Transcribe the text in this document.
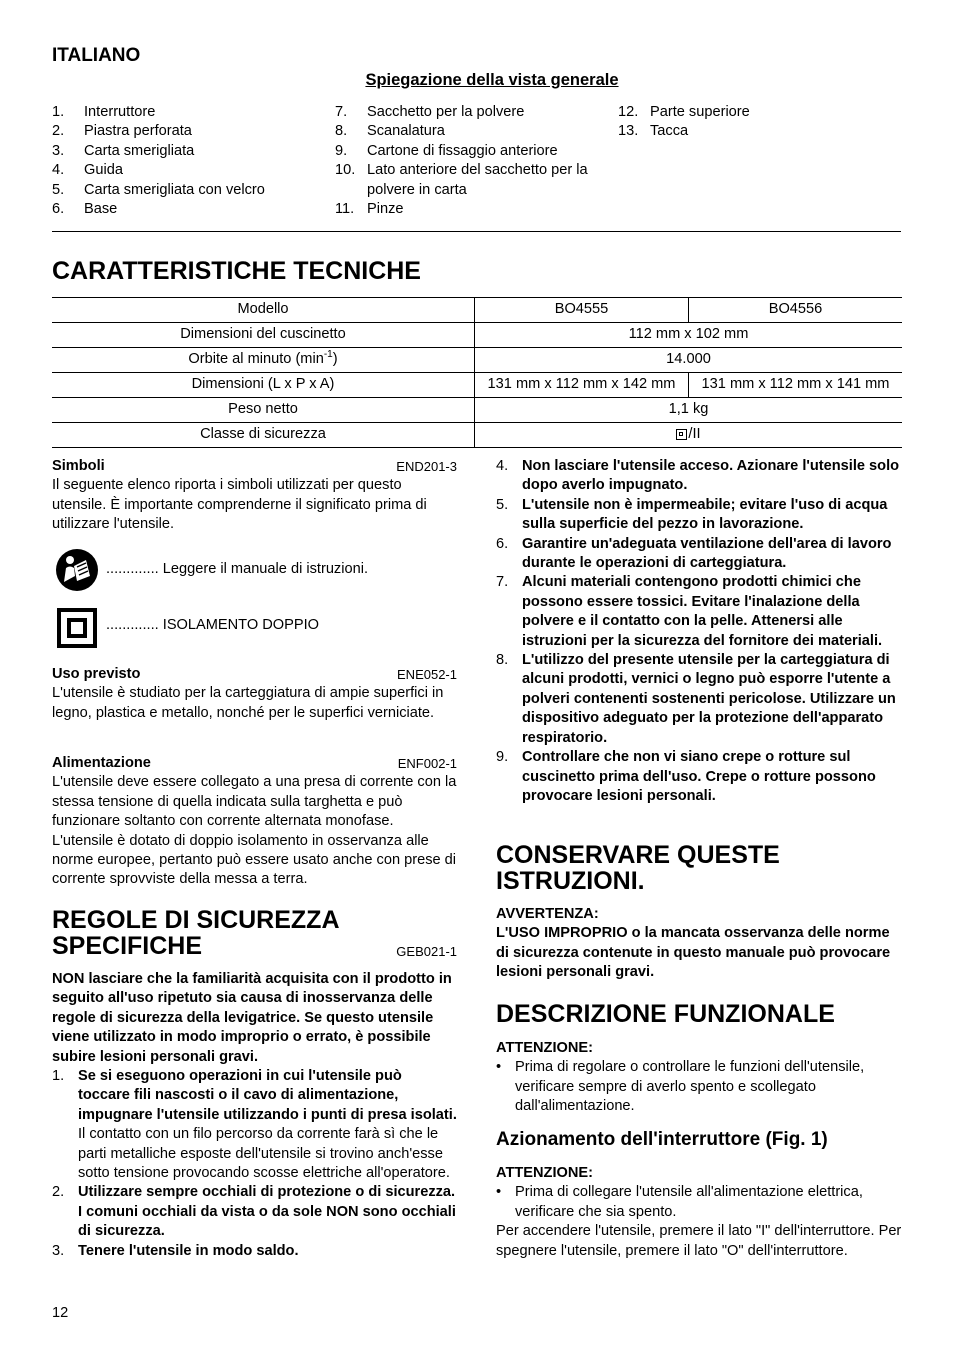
ITALIANO
Spiegazione della vista generale
1. Interruttore
2. Piastra perforata
3. Carta smerigliata
4. Guida
5. Carta smerigliata con velcro
6. Base
7. Sacchetto per la polvere
8. Scanalatura
9. Cartone di fissaggio anteriore
10. Lato anteriore del sacchetto per la polvere in carta
11. Pinze
12. Parte superiore
13. Tacca
CARATTERISTICHE TECNICHE
Modello	BO4555	BO4556
Dimensioni del cuscinetto	112 mm x 102 mm	
Orbite al minuto $(\min^{-1})$	14.000	
Dimensioni (L x P x A)	131 mm x 112 mm x 142 mm	131 mm x 112 mm x 141 mm
Peso netto	1,1 kg	
Classe di sicurezza	/II	
Simboli	END201-3

Il seguente elenco riporta i simboli utilizzati per questo utensile. È importante comprenderne il significato prima di utilizzare l'utensile.

............. Leggere il manuale di istruzioni.
............. ISOLAMENTO DOPPIO
Uso previsto	ENE052-1

L'utensile è studiato per la carteggiatura di ampie superfici in legno, plastica e metallo, nonché per le superfici verniciate.

Alimentazione	ENF002-1

L'utensile deve essere collegato a una presa di corrente con la stessa tensione di quella indicata sulla targhetta e può funzionare soltanto con corrente alternata monofase. L'utensile è dotato di doppio isolamento in osservanza alle norme europee, pertanto può essere usato anche con prese di corrente sprovviste della messa a terra.

REGOLE DI SICUREZZA
SPECIFICHE	GEB021-1

NON lasciare che la familiarità acquisita con il prodotto in seguito all'uso ripetuto sia causa di inosservanza delle regole di sicurezza della levigatrice. Se questo utensile viene utilizzato in modo improprio o errato, è possibile subire lesioni personali gravi.

1. Se si eseguono operazioni in cui l'utensile può toccare fili nascosti o il cavo di alimentazione, impugnare l'utensile utilizzando i punti di presa isolati. Il contatto con un filo percorso da corrente farà sì che le parti metalliche esposte dell'utensile si trovino anch'esse sotto tensione provocando scosse elettriche all'operatore.
2. Utilizzare sempre occhiali di protezione o di sicurezza. I comuni occhiali da vista o da sole NON sono occhiali di sicurezza.
3. Tenere l'utensile in modo saldo.
12
4. Non lasciare l'utensile acceso. Azionare l'utensile solo dopo averlo impugnato.
5. L'utensile non è impermeabile; evitare l'uso di acqua sulla superficie del pezzo in lavorazione.
6. Garantire un'adeguata ventilazione dell'area di lavoro durante le operazioni di carteggiatura.
7. Alcuni materiali contengono prodotti chimici che possono essere tossici. Evitare l'inalazione della polvere e il contatto con la pelle. Attenersi alle istruzioni per la sicurezza del fornitore dei materiali.
8. L'utilizzo del presente utensile per la carteggiatura di alcuni prodotti, vernici o legno può esporre l'utente a polveri contenenti sostenenti pericolose. Utilizzare un dispositivo adeguato per la protezione dell'apparato respiratorio.
9. Controllare che non vi siano crepe o rotture sul cuscinetto prima dell'uso. Crepe o rotture possono provocare lesioni personali.
CONSERVARE QUESTE
ISTRUZIONI.
AVVERTENZA:

L'USO IMPROPRIO o la mancata osservanza delle norme di sicurezza contenute in questo manuale può provocare lesioni personali gravi.

DESCRIZIONE FUNZIONALE
ATTENZIONE:
• Prima di regolare o controllare le funzioni dell'utensile, verificare sempre di averlo spento e scollegato dall'alimentazione.
Azionamento dell'interruttore (Fig. 1)
ATTENZIONE:
• Prima di collegare l'utensile all'alimentazione elettrica, verificare che sia spento.

Per accendere l'utensile, premere il lato "I" dell'interruttore. Per spegnere l'utensile, premere il lato "O" dell'interruttore.
